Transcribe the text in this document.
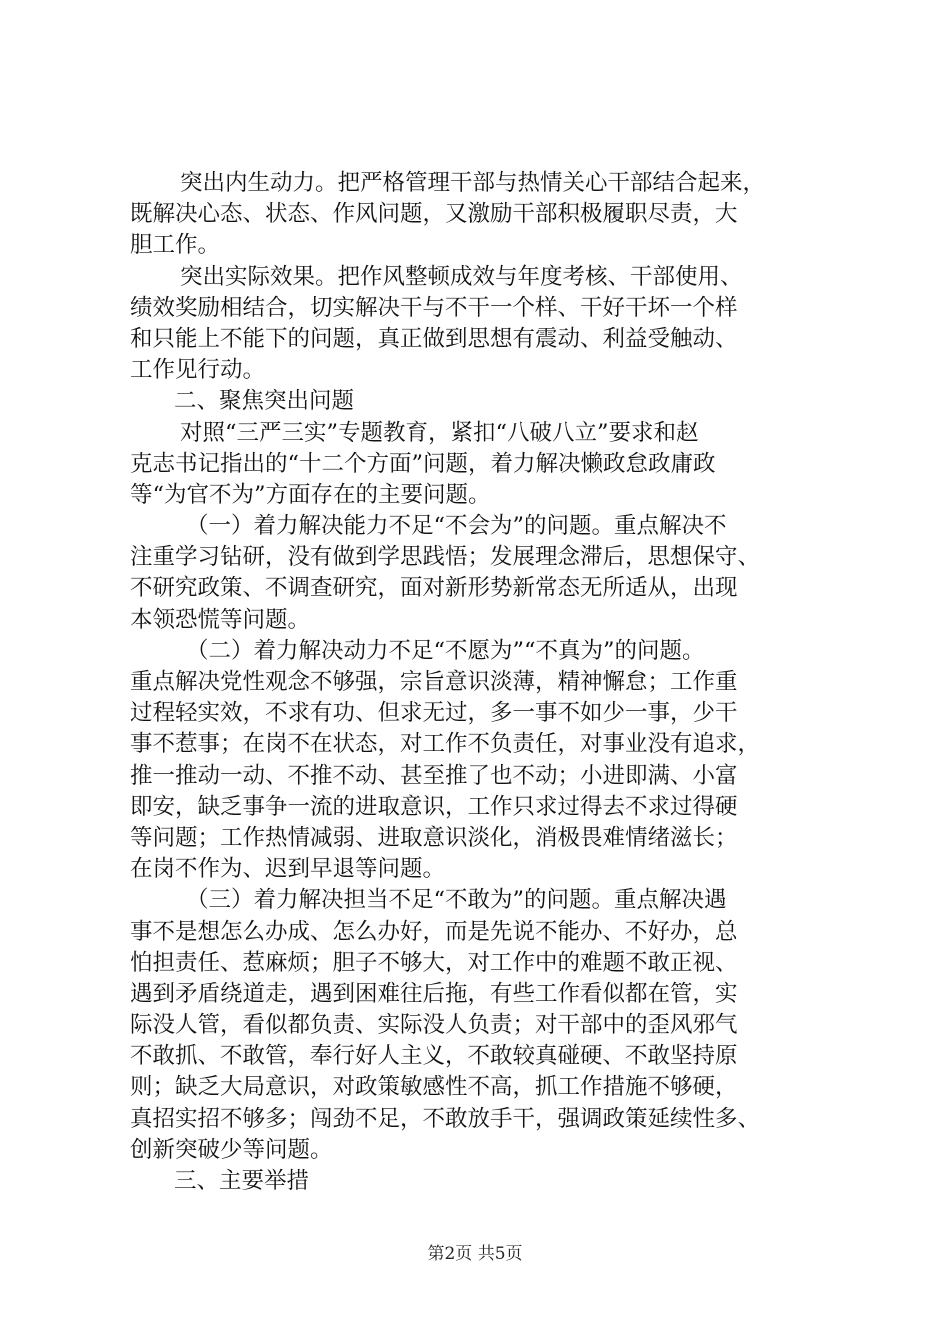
突出内生动力。把严格管理干部与热情关心干部结合起来，
既解决心态、状态、作风问题，又激励干部积极履职尽责，大
胆工作。
突出实际效果。把作风整顿成效与年度考核、干部使用、
绩效奖励相结合，切实解决干与不干一个样、干好干坏一个样
和只能上不能下的问题，真正做到思想有震动、利益受触动、
工作见行动。
二、聚焦突出问题
对照“三严三实”专题教育，紧扣“八破八立”要求和赵
克志书记指出的“十二个方面”问题，着力解决懒政怠政庸政
等“为官不为”方面存在的主要问题。
（一）着力解决能力不足“不会为”的问题。重点解决不
注重学习钻研，没有做到学思践悟；发展理念滞后，思想保守、
不研究政策、不调查研究，面对新形势新常态无所适从，出现
本领恐慌等问题。
（二）着力解决动力不足“不愿为”“不真为”的问题。
重点解决党性观念不够强，宗旨意识淡薄，精神懈怠；工作重
过程轻实效，不求有功、但求无过，多一事不如少一事，少干
事不惹事；在岗不在状态，对工作不负责任，对事业没有追求，
推一推动一动、不推不动、甚至推了也不动；小进即满、小富
即安，缺乏事争一流的进取意识，工作只求过得去不求过得硬
等问题；工作热情减弱、进取意识淡化，消极畏难情绪滋长；
在岗不作为、迟到早退等问题。
（三）着力解决担当不足“不敢为”的问题。重点解决遇
事不是想怎么办成、怎么办好，而是先说不能办、不好办，总
怕担责任、惹麻烦；胆子不够大，对工作中的难题不敢正视、
遇到矛盾绕道走，遇到困难往后拖，有些工作看似都在管，实
际没人管，看似都负责、实际没人负责；对干部中的歪风邪气
不敢抓、不敢管，奉行好人主义，不敢较真碰硬、不敢坚持原
则；缺乏大局意识，对政策敏感性不高，抓工作措施不够硬，
真招实招不够多；闯劲不足，不敢放手干，强调政策延续性多、
创新突破少等问题。
三、主要举措
第2页 共5页
